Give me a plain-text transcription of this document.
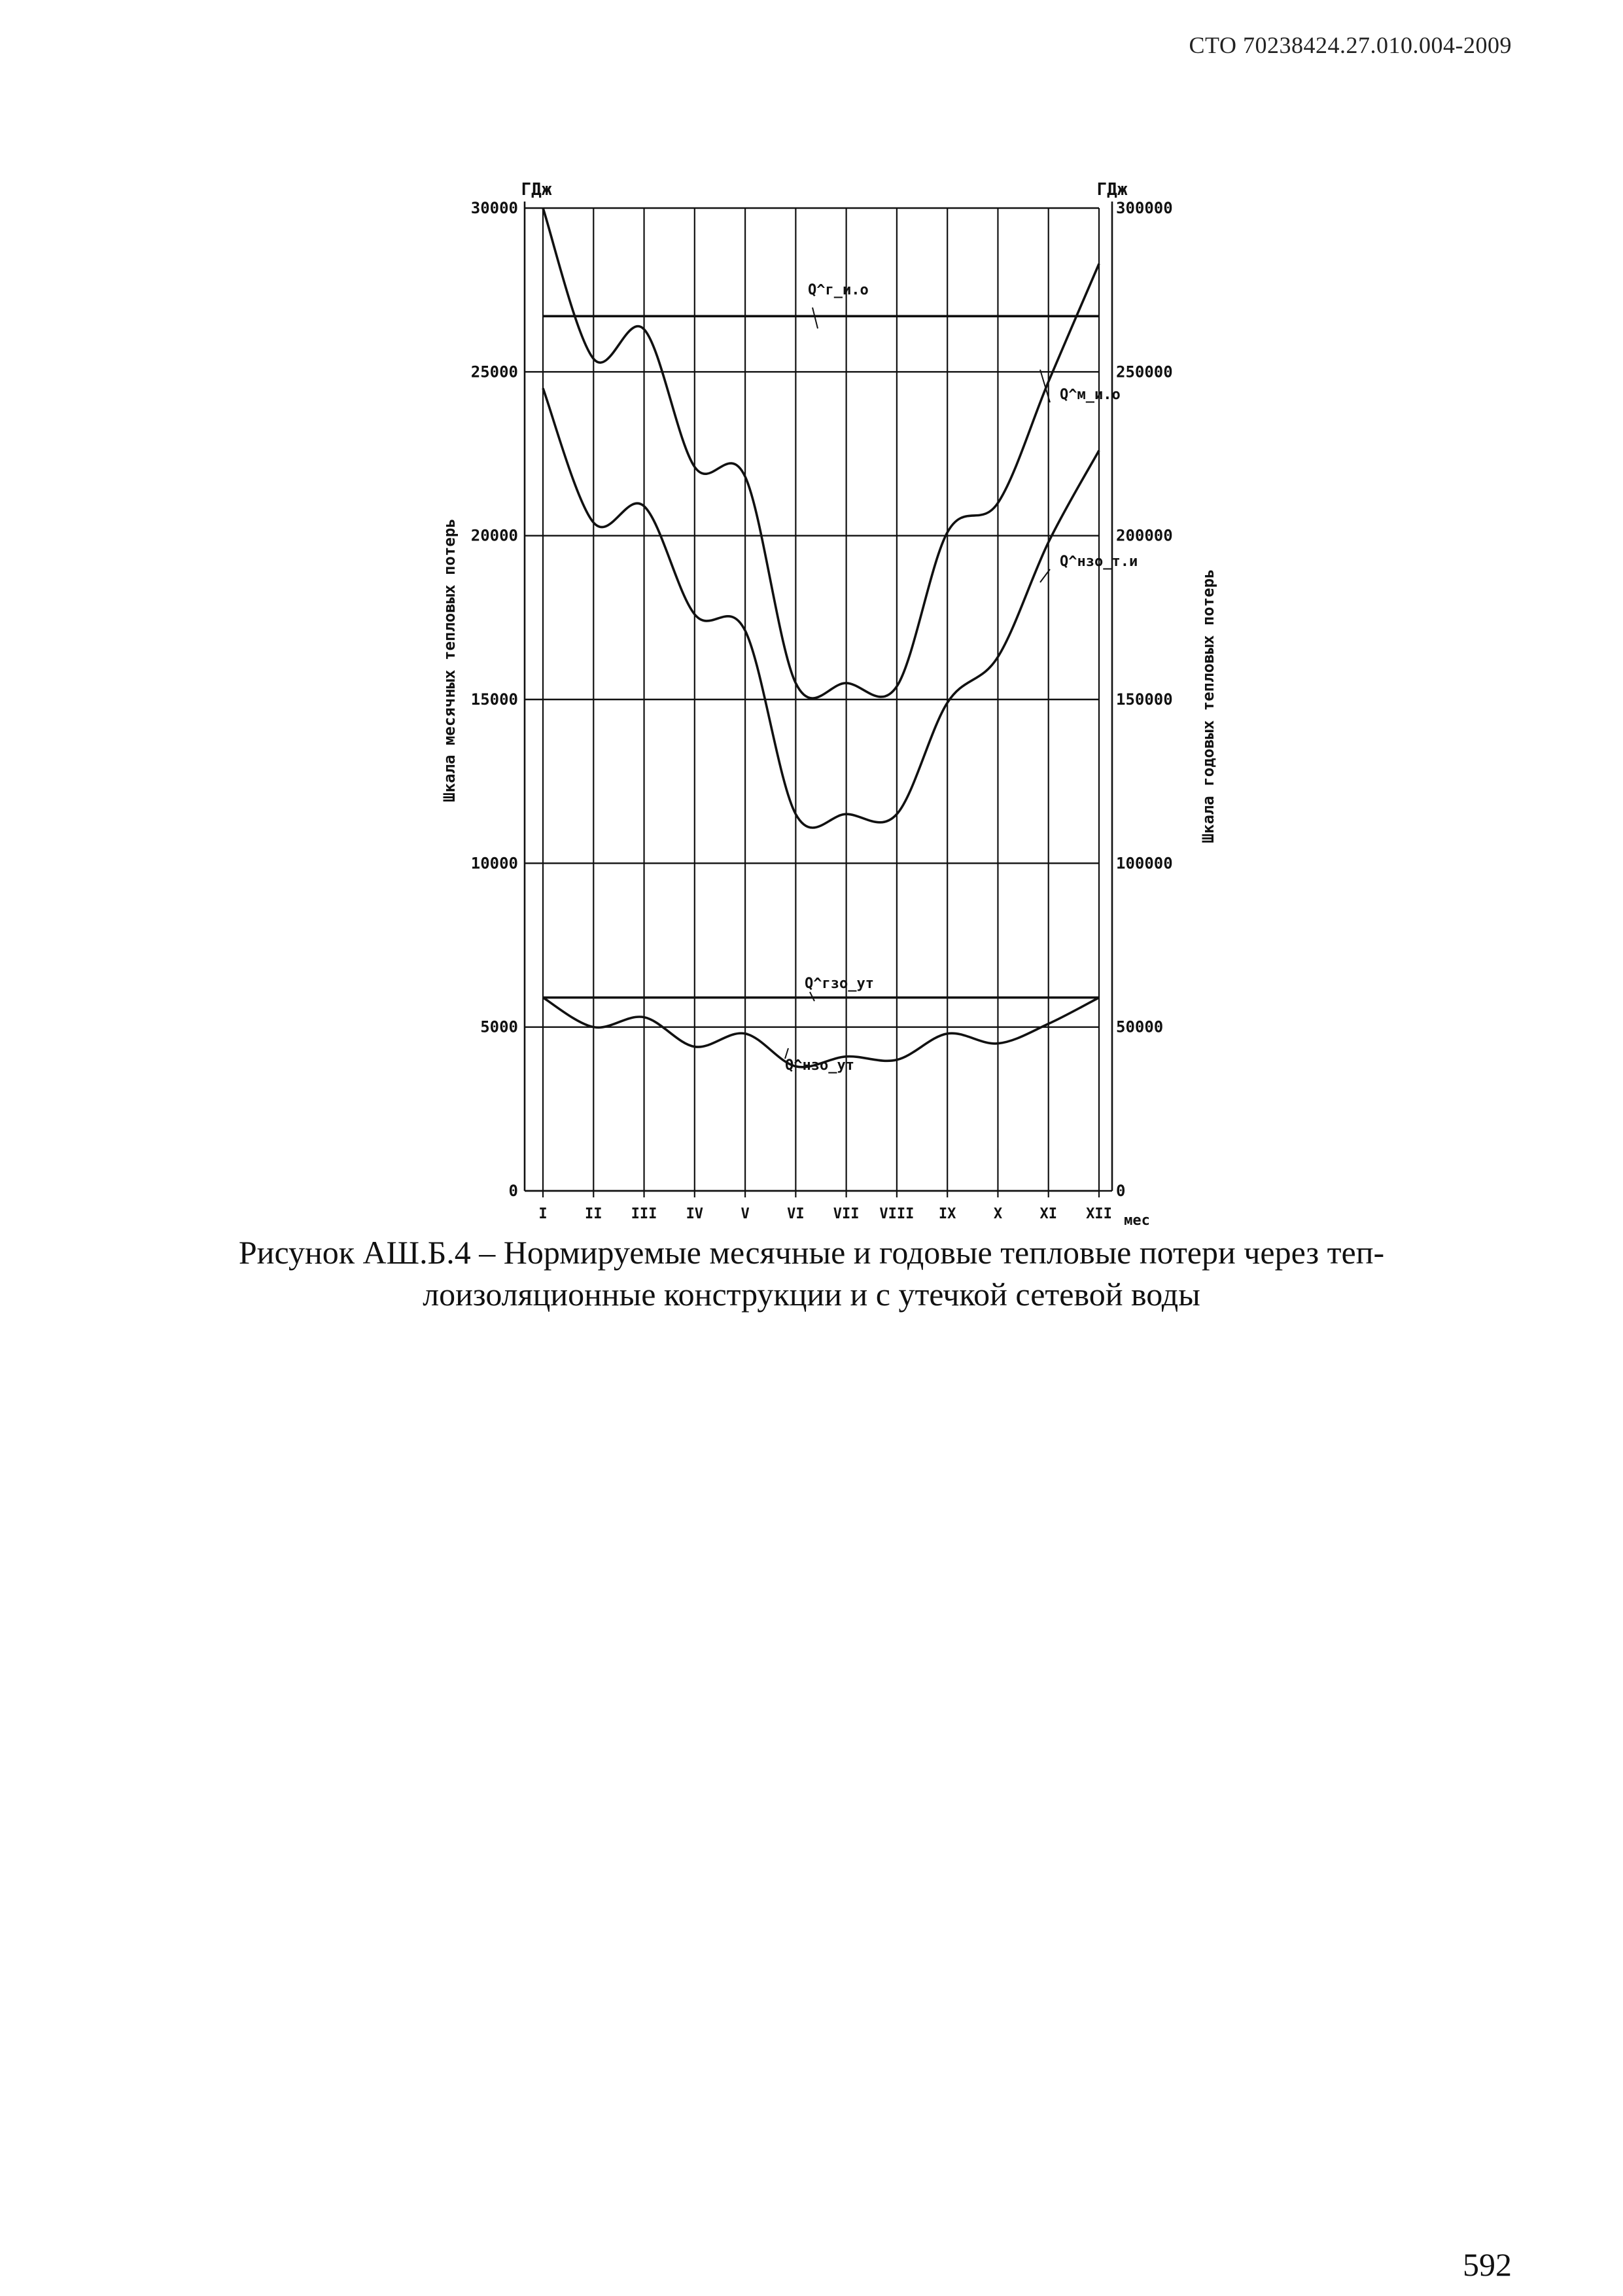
СТО 70238424.27.010.004-2009
0
5000
10000
15000
20000
25000
30000
0
50000
100000
150000
200000
250000
300000
ГДж	ГДж
I	II III IV	V	VI VII VIII IX	X	XI XII мес
Шкала месячных тепловых потерь	Шкала годовых тепловых потерь
Q^г_и.о
Q^м_и.о
Q^нзо_т.и
Q^гзо_ут
Q^нзо_ут
Рисунок АШ.Б.4 – Нормируемые месячные и годовые тепловые потери через теп-
лоизоляционные конструкции и с утечкой сетевой воды
592
